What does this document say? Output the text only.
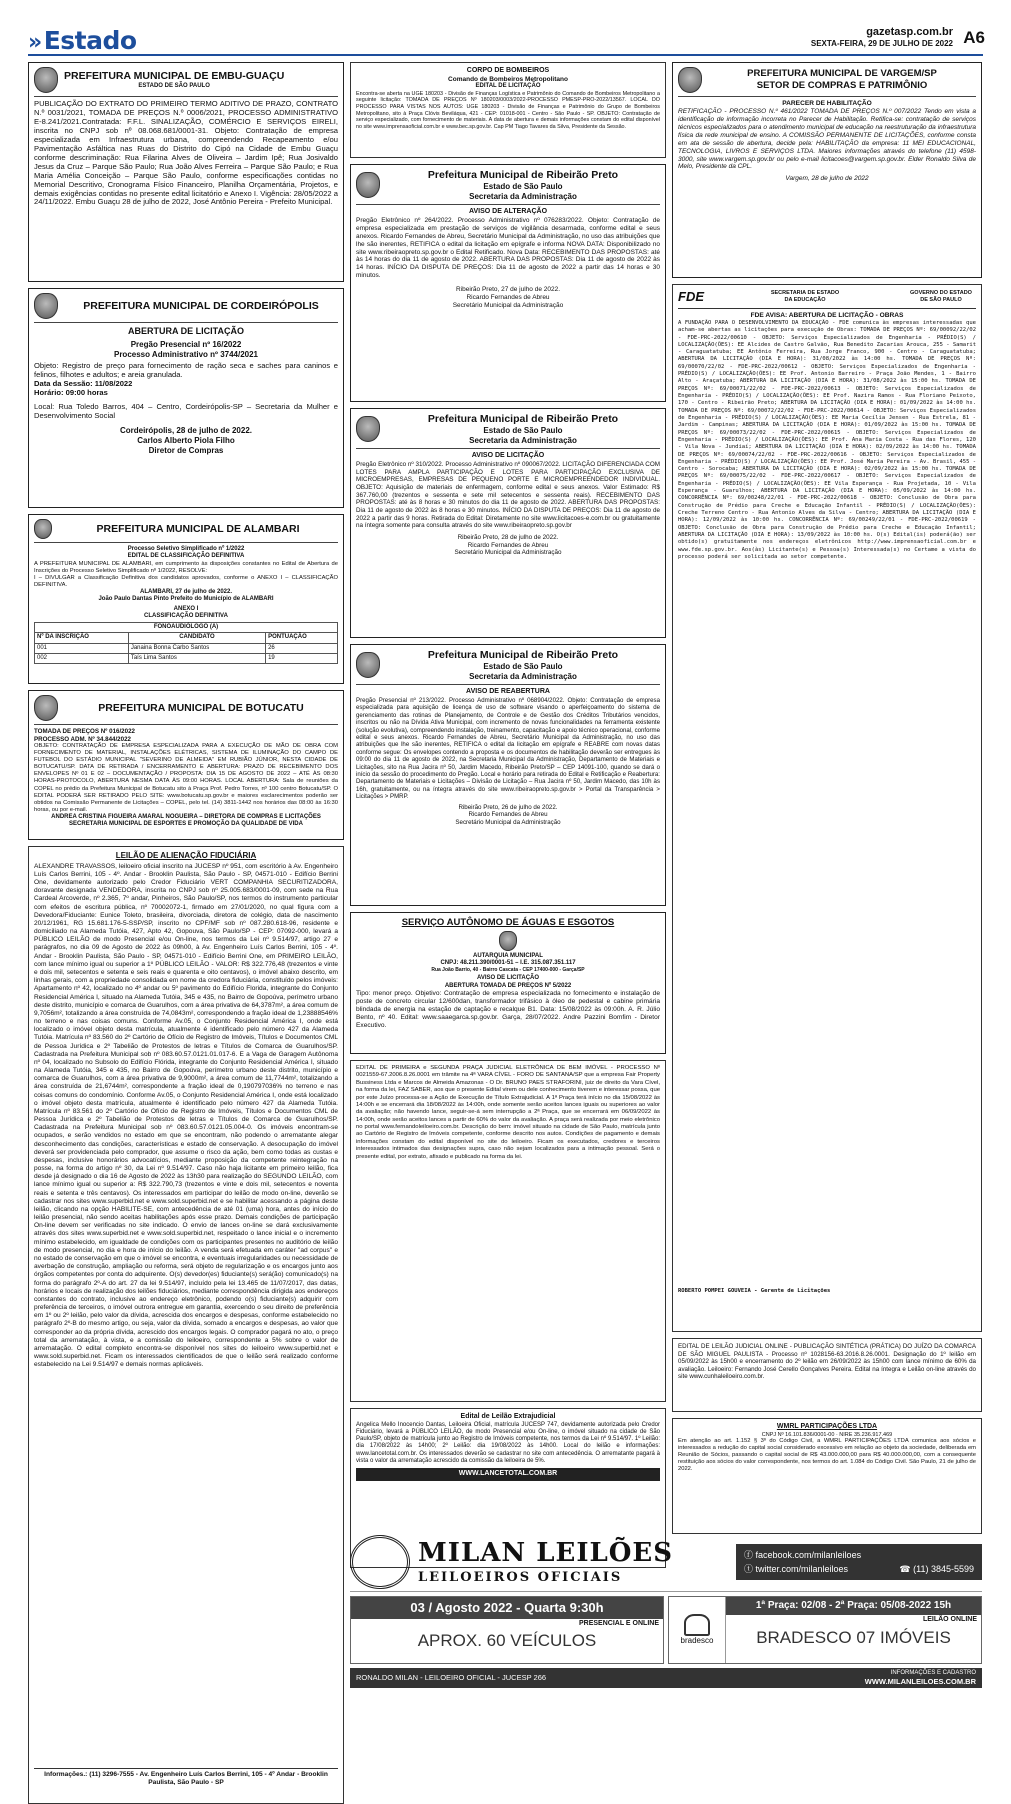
»Estado	gazetasp.com.br
SEXTA-FEIRA, 29 DE JULHO DE 2022 A6
PREFEITURA MUNICIPAL DE EMBU-GUAÇU
ESTADO DE SÃO PAULO
PUBLICAÇÃO DO EXTRATO DO PRIMEIRO TERMO ADITIVO DE PRAZO, CONTRATO N.º 0031/2021, TOMADA DE PREÇOS N.º 0006/2021, PROCESSO ADMINISTRATIVO E-8.241/2021.Contratada: F.F.L. SINALIZAÇÃO, COMÉRCIO E SERVIÇOS EIRELI, inscrita no CNPJ sob nº 08.068.681/0001-31. Objeto: Contratação de empresa especializada em Infraestrutura urbana, compreendendo Recapeamento e/ou Pavimentação Asfáltica nas Ruas do Distrito do Cipó na Cidade de Embu Guaçu conforme descriminação: Rua Filarina Alves de Oliveira – Jardim Ipê; Rua Josivaldo Jesus da Cruz – Parque São Paulo; Rua João Alves Ferreira – Parque São Paulo; e Rua Maria Amélia Conceição – Parque São Paulo, conforme especificações contidas no Memorial Descritivo, Cronograma Físico Financeiro, Planilha Orçamentária, Projetos, e demais exigências contidas no presente edital licitatório e Anexo I. Vigência: 28/05/2022 a 24/11/2022. Embu Guaçu 28 de julho de 2022, José Antônio Pereira - Prefeito Municipal.
PREFEITURA MUNICIPAL DE CORDEIRÓPOLIS
ABERTURA DE LICITAÇÃO
Pregão Presencial nº 16/2022
Processo Administrativo nº 3744/2021
Objeto: Registro de preço para fornecimento de ração seca e saches para caninos e felinos, filhotes e adultos; e areia granulada.
Data da Sessão: 11/08/2022
Horário: 09:00 horas
Local: Rua Toledo Barros, 404 – Centro, Cordeirópolis-SP – Secretaria da Mulher e Desenvolvimento Social
Cordeirópolis, 28 de julho de 2022.
Carlos Alberto Piola Filho
Diretor de Compras
PREFEITURA MUNICIPAL DE ALAMBARI
Processo Seletivo Simplificado nº 1/2022
EDITAL DE CLASSIFICAÇÃO DEFINITIVA
A PREFEITURA MUNICIPAL DE ALAMBARI, em cumprimento às disposições constantes no Edital de Abertura de Inscrições do Processo Seletivo Simplificado nº 1/2022, RESOLVE:
I – DIVULGAR a Classificação Definitiva dos candidatos aprovados, conforme o ANEXO I – CLASSIFICAÇÃO DEFINITIVA.
ALAMBARI, 27 de julho de 2022.
João Paulo Dantas Pinto Prefeito do Município de ALAMBARI
ANEXO I
CLASSIFICAÇÃO DEFINITIVA
FONOAUDIÓLOGO (A)		
Nº DA INSCRIÇÃO	CANDIDATO	PONTUAÇÃO
001	Janaina Bonna Carbo Santos	26
002	Taís Lima Santos	19
PREFEITURA MUNICIPAL DE BOTUCATU
TOMADA DE PREÇOS Nº 016/2022
PROCESSO ADM. Nº 34.844/2022
OBJETO: CONTRATAÇÃO DE EMPRESA ESPECIALIZADA PARA A EXECUÇÃO DE MÃO DE OBRA COM FORNECIMENTO DE MATERIAL, INSTALAÇÕES ELÉTRICAS, SISTEMA DE ILUMINAÇÃO DO CAMPO DE FUTEBOL DO ESTÁDIO MUNICIPAL "SEVERINO DE ALMEIDA" EM RUBIÃO JÚNIOR, NESTA CIDADE DE BOTUCATU/SP. DATA DE RETIRADA / ENCERRAMENTO E ABERTURA: PRAZO DE RECEBIMENTO DOS ENVELOPES Nº 01 E 02 – DOCUMENTAÇÃO / PROPOSTA: DIA 15 DE AGOSTO DE 2022 – ATÉ ÀS 08:30 HORAS-PROTOCOLO, ABERTURA NESMA DATA ÀS 09:00 HORAS. LOCAL ABERTURA: Sala de reuniões da COPEL no prédio da Prefeitura Municipal de Botucatu sito à Praça Prof. Pedro Torres, nº 100 centro Botucatu/SP. O EDITAL PODERÁ SER RETIRADO PELO SITE: www.botucatu.sp.gov.br e maiores esclarecimentos poderão ser obtidos na Comissão Permanente de Licitações – COPEL, pelo tel. (14) 3811-1442 nos horários das 08:00 às 16:30 horas, ou por e-mail.
ANDREA CRISTINA FIGUEIRA AMARAL NOGUEIRA – DIRETORA DE COMPRAS E LICITAÇÕES SECRETARIA MUNICIPAL DE ESPORTES E PROMOÇÃO DA QUALIDADE DE VIDA
LEILÃO DE ALIENAÇÃO FIDUCIÁRIA
ALEXANDRE TRAVASSOS, leiloeiro oficial inscrito na JUCESP nº 951, com escritório à Av. Engenheiro Luís Carlos Berrini, 105 - 4º. Andar - Brooklin Paulista, São Paulo - SP, 04571-010 - Edifício Berrini One, devidamente autorizado pelo Credor Fiduciário VERT COMPANHIA SECURITIZADORA, doravante designada VENDEDORA, inscrita no CNPJ sob nº 25.005.683/0001-09, com sede na Rua Cardeal Arcoverde, nº 2.365, 7º andar, Pinheiros, São Paulo/SP, nos termos do instrumento particular com efeitos de escritura pública, nº 70002072-1, firmado em 27/01/2020, no qual figura com a Devedora/Fiduciante: Eunice Toleto, brasileira, divorciada, diretora de colégio, data de nascimento 20/12/1961, RG 15.681.176-5-SSP/SP, inscrito no CPF/MF sob nº 087.280.618-96, residente e domiciliado na Alameda Tutóia, 427, Apto 42, Gopouva, São Paulo/SP - CEP: 07092-000, levará a PÚBLICO LEILÃO de modo Presencial e/ou On-line, nos termos da Lei nº 9.514/97, artigo 27 e parágrafos, no dia 09 de Agosto de 2022 às 09h00, à Av. Engenheiro Luís Carlos Berrini, 105 - 4º. Andar - Brooklin Paulista, São Paulo - SP, 04571-010 - Edifício Berrini One, em PRIMEIRO LEILÃO, com lance mínimo igual ou superior a 1º PÚBLICO LEILÃO - VALOR: R$ 322.776,48 (trezentos e vinte e dois mil, setecentos e setenta e seis reais e quarenta e oito centavos), o imóvel abaixo descrito, em linhas gerais, com a propriedade consolidada em nome da credora fiduciária, constituído pelos imóveis: Apartamento nº 42, localizado no 4º andar ou 5º pavimento do Edifício Florida, integrante do Conjunto Residencial América I, situado na Alameda Tutóia, 345 e 435, no Bairro de Gopoúva, perímetro urbano deste distrito, município e comarca de Guarulhos, com a área privativa de 64,3787m², a área comum de 9,7056m², totalizando a área construída de 74,0843m², correspondendo a fração ideal de 1,23888546% no terreno e nas coisas comuns. Conforme Av.05, o Conjunto Residencial América I, onde está localizado o imóvel objeto desta matrícula, atualmente é identificado pelo número 427 da Alameda Tutóia. Matrícula nº 83.560 do 2º Cartório de Ofício de Registro de Imóveis, Títulos e Documentos CML de Pessoa Jurídica e 2º Tabelião de Protestos de letras e Títulos de Comarca de Guarulhos/SP. Cadastrada na Prefeitura Municipal sob nº 083.60.57.0121.01.017-6. E a Vaga de Garagem Autônoma nº 04, localizado no Subsolo do Edifício Flórida, integrante do Conjunto Residencial América I, situado na Alameda Tutóia, 345 e 435, no Bairro de Gopoúva, perímetro urbano deste distrito, município e comarca de Guarulhos, com a área privativa de 9,9000m², a área comum de 11,7744m², totalizando a área construída de 21,6744m², correspondente a fração ideal de 0,190797036% no terreno e nas coisas comuns do condomínio. Conforme Av.05, o Conjunto Residencial América I, onde está localizado o imóvel objeto desta matrícula, atualmente é identificado pelo número 427 da Alameda Tutóia. Matrícula nº 83.561 do 2º Cartório de Ofício de Registro de Imóveis, Títulos e Documentos CML de Pessoa Jurídica e 2º Tabelião de Protestos de letras e Títulos de Comarca de Guarulhos/SP. Cadastrada na Prefeitura Municipal sob nº 083.60.57.0121.05.004-0. Os imóveis encontram-se ocupados, e serão vendidos no estado em que se encontram, não podendo o arrematante alegar desconhecimento das condições, características e estado de conservação. A desocupação do imóvel deverá ser providenciada pelo comprador, que assume o risco da ação, bem como todas as custas e despesas, inclusive honorários advocatícios, mediante proposição da competente reintegração na posse, na forma do artigo nº 30, da Lei nº 9.514/97. Caso não haja licitante em primeiro leilão, fica desde já designado o dia 16 de Agosto de 2022 às 13h30 para realização do SEGUNDO LEILÃO, com lance mínimo igual ou superior a: R$ 322.790,73 (trezentos e vinte e dois mil, setecentos e noventa reais e setenta e três centavos). Os interessados em participar do leilão de modo on-line, deverão se cadastrar nos sites www.superbid.net e www.sold.superbid.net e se habilitar acessando a página deste leilão, clicando na opção HABILITE-SE, com antecedência de até 01 (uma) hora, antes do início do leilão presencial, não sendo aceitas habilitações após esse prazo. Demais condições de participação On-line devem ser verificadas no site indicado. O envio de lances on-line se dará exclusivamente através dos sites www.superbid.net e www.sold.superbid.net, respeitado o lance inicial e o incremento mínimo estabelecido, em igualdade de condições com os participantes presentes no auditório de leilão de modo presencial, no dia e hora de início do leilão. A venda será efetuada em caráter "ad corpus" e no estado de conservação em que o imóvel se encontra, e eventuais irregularidades ou necessidade de averbação de construção, ampliação ou reforma, será objeto de regularização e os encargos junto aos órgãos competentes por conta do adquirente. O(s) devedor(es) fiduciante(s) será(ão) comunicado(s) na forma do parágrafo 2º-A do art. 27 da lei 9.514/97, incluído pela lei 13.465 de 11/07/2017, das datas, horários e locais de realização dos leilões fiduciários, mediante correspondência dirigida aos endereços constantes do contrato, inclusive ao endereço eletrônico, podendo o(s) fiduciante(s) adquirir com preferência de terceiros, o imóvel outrora entregue em garantia, exercendo o seu direito de preferência em 1º ou 2º leilão, pelo valor da dívida, acrescida dos encargos e despesas, conforme estabelecido no parágrafo 2º-B do mesmo artigo, ou seja, valor da dívida, somado a encargos e despesas, ao valor que corresponder ao da própria dívida, acrescido dos encargos legais. O comprador pagará no ato, o preço total da arrematação, à vista, e a comissão do leiloeiro, correspondente a 5% sobre o valor de arrematação. O edital completo encontra-se disponível nos sites do leiloeiro www.superbid.net e www.sold.superbid.net. Ficam os interessados cientificados de que o leilão será realizado conforme estabelecido na Lei 9.514/97 e demais normas aplicáveis.
Informações.: (11) 3296-7555 - Av. Engenheiro Luís Carlos Berrini, 105 - 4º Andar - Brooklin Paulista, São Paulo - SP
CORPO DE BOMBEIROS
Comando de Bombeiros Metropolitano
EDITAL DE LICITAÇÃO
Encontra-se aberta na UGE 180203 - Divisão de Finanças Logística e Patrimônio do Comando de Bombeiros Metropolitano a seguinte licitação: TOMADA DE PREÇOS Nº 180203/0003/2022-PROCESSO PMESP-PRO-2022/13567. LOCAL DO PROCESSO PARA VISTAS NOS AUTOS: UGE 180203 - Divisão de Finanças e Patrimônio do Grupo de Bombeiros Metropolitano, sito à Praça Clóvis Beviláqua, 421 - CEP: 01018-001 - Centro - São Paulo - SP. OBJETO: Contratação de serviço especializado, com fornecimento de materiais. A data de abertura e demais informações constam do edital disponível no site www.imprensaoficial.com.br e www.bec.sp.gov.br. Cap PM Tiago Tavares da Silva, Presidente da Sessão.
Prefeitura Municipal de Ribeirão Preto
Estado de São Paulo
Secretaria da Administração
AVISO DE ALTERAÇÃO
Pregão Eletrônico nº 264/2022. Processo Administrativo nº 076283/2022. Objeto: Contratação de empresa especializada em prestação de serviços de vigilância desarmada, conforme edital e seus anexos. Ricardo Fernandes de Abreu, Secretário Municipal da Administração, no uso das atribuições que lhe são inerentes, RETIFICA o edital da licitação em epígrafe e informa NOVA DATA: Disponibilizado no site www.ribeiraopreto.sp.gov.br o Edital Retificado. Nova Data: RECEBIMENTO DAS PROPOSTAS: até às 14 horas do dia 11 de agosto de 2022. ABERTURA DAS PROPOSTAS: Dia 11 de agosto de 2022 às 14 horas. INÍCIO DA DISPUTA DE PREÇOS: Dia 11 de agosto de 2022 a partir das 14 horas e 30 minutos.
Ribeirão Preto, 27 de julho de 2022.
Ricardo Fernandes de Abreu
Secretário Municipal da Administração
Prefeitura Municipal de Ribeirão Preto
Estado de São Paulo
Secretaria da Administração
AVISO DE LICITAÇÃO
Pregão Eletrônico nº 310/2022. Processo Administrativo nº 090067/2022. LICITAÇÃO DIFERENCIADA COM LOTES PARA AMPLA PARTICIPAÇÃO E LOTES PARA PARTICIPAÇÃO EXCLUSIVA DE MICROEMPRESAS, EMPRESAS DE PEQUENO PORTE E MICROEMPREENDEDOR INDIVIDUAL. OBJETO: Aquisição de materiais de enfermagem, conforme edital e seus anexos. Valor Estimado: R$ 367.760,00 (trezentos e sessenta e sete mil setecentos e sessenta reais). RECEBIMENTO DAS PROPOSTAS: até às 8 horas e 30 minutos do dia 11 de agosto de 2022. ABERTURA DAS PROPOSTAS: Dia 11 de agosto de 2022 às 8 horas e 30 minutos. INÍCIO DA DISPUTA DE PREÇOS: Dia 11 de agosto de 2022 a partir das 9 horas. Retirada do Edital: Diretamente no site www.licitacoes-e.com.br ou gratuitamente na íntegra somente para consulta através do site www.ribeiraopreto.sp.gov.br
Ribeirão Preto, 28 de julho de 2022.
Ricardo Fernandes de Abreu
Secretário Municipal da Administração
Prefeitura Municipal de Ribeirão Preto
Estado de São Paulo
Secretaria da Administração
AVISO DE REABERTURA
Pregão Presencial nº 213/2022. Processo Administrativo nº 068904/2022. Objeto: Contratação de empresa especializada para aquisição de licença de uso de software visando o aperfeiçoamento do sistema de gerenciamento das rotinas de Planejamento, de Controle e de Gestão dos Créditos Tributários vencidos, inscritos ou não na Dívida Ativa Municipal, com incremento de novas funcionalidades na ferramenta existente (solução evolutiva), compreendendo instalação, treinamento, capacitação e apoio técnico operacional, conforme edital e seus anexos. Ricardo Fernandes de Abreu, Secretário Municipal da Administração, no uso das atribuições que lhe são inerentes, RETIFICA o edital da licitação em epígrafe e REABRE com novas datas conforme segue: Os envelopes contendo a proposta e os documentos de habilitação deverão ser entregues às 09:00 do dia 11 de agosto de 2022, na Secretaria Municipal da Administração, Departamento de Materiais e Licitações, sito na Rua Jacira nº 50, Jardim Macedo, Ribeirão Preto/SP – CEP 14091-100, quando se dará o início da sessão do procedimento do Pregão. Local e horário para retirada do Edital e Retificação e Reabertura: Departamento de Materiais e Licitações – Divisão de Licitação – Rua Jacira nº 50, Jardim Macedo, das 10h às 16h, gratuitamente, ou na íntegra através do site www.ribeiraopreto.sp.gov.br > Portal da Transparência > Licitações > PMRP.
Ribeirão Preto, 26 de julho de 2022.
Ricardo Fernandes de Abreu
Secretário Municipal da Administração
SERVIÇO AUTÔNOMO DE ÁGUAS E ESGOTOS
AUTARQUIA MUNICIPAL
CNPJ: 48.211.390/0001-51 – I.E. 315.087.351.117
Rua João Barrio, 40 - Bairro Cascata - CEP 17400-000 - Garça/SP
AVISO DE LICITAÇÃO
ABERTURA TOMADA DE PREÇOS Nº 5/2022
Tipo: menor preço. Objetivo: Contratação de empresa especializada no fornecimento e instalação de poste de concreto circular 12/600dan, transformador trifásico à óleo de pedestal e cabine primária blindada de energia na estação de captação e recalque B1. Data: 15/08/2022 às 09:00h. A. R. Júlio Bento, nº 40. Edital: www.saaegarca.sp.gov.br. Garça, 28/07/2022. Andre Pazzini Bomfim - Diretor Executivo.
EDITAL DE PRIMEIRA e SEGUNDA PRAÇA JUDICIAL ELETRÔNICA DE BEM IMÓVEL - PROCESSO Nº 0021559-67.2006.8.26.0001 em trâmite na 4ª VARA CÍVEL - FORO DE SANTANA/SP que a empresa Fair Property Bussiness Ltda e Marcos de Almeida Amazonas - O Dr. BRUNO PAES STRAFORINI, juiz de direito da Vara Cível, na forma da lei, FAZ SABER, aos que o presente Edital virem ou dele conhecimento tiverem e interessar possa, que por este Juízo processa-se a Ação de Execução de Título Extrajudicial. A 1ª Praça terá início no dia 15/08/2022 às 14:00h e se encerrará dia 18/08/2022 às 14:00h, onde somente serão aceitos lances iguais ou superiores ao valor da avaliação; não havendo lance, seguir-se-á sem interrupção a 2ª Praça, que se encerrará em 06/09/2022 às 14:00h, onde serão aceitos lances a partir de 60% do valor da avaliação. A praça será realizada por meio eletrônico no portal www.fernandoleiloeiro.com.br. Descrição do bem: imóvel situado na cidade de São Paulo, matrícula junto ao Cartório de Registro de Imóveis competente, conforme descrito nos autos. Condições de pagamento e demais informações constam do edital disponível no site do leiloeiro. Ficam os executados, credores e terceiros interessados intimados das designações supra, caso não sejam localizados para a intimação pessoal. Será o presente edital, por extrato, afixado e publicado na forma da lei.
Edital de Leilão Extrajudicial
Angelica Mello Inocencio Dantas, Leiloeira Oficial, matrícula JUCESP 747, devidamente autorizada pelo Credor Fiduciário, levará a PÚBLICO LEILÃO, de modo Presencial e/ou On-line, o imóvel situado na cidade de São Paulo/SP, objeto de matrícula junto ao Registro de Imóveis competente, nos termos da Lei nº 9.514/97. 1º Leilão: dia 17/08/2022 às 14h00; 2º Leilão: dia 19/08/2022 às 14h00. Local do leilão e informações: www.lancetotal.com.br. Os interessados deverão se cadastrar no site com antecedência. O arrematante pagará à vista o valor da arrematação acrescido da comissão da leiloeira de 5%.
WWW.LANCETOTAL.COM.BR
PREFEITURA MUNICIPAL DE VARGEM/SP
SETOR DE COMPRAS E PATRIMÔNIO
PARECER DE HABILITAÇÃO
RETIFICAÇÃO - PROCESSO N.º 461/2022 TOMADA DE PREÇOS N.º 007/2022 Tendo em vista a identificação de informação incorreta no Parecer de Habilitação. Retifica-se: contratação de serviços técnicos especializados para o atendimento municipal de educação na reestruturação da infraestrutura física da rede municipal de ensino. A COMISSÃO PERMANENTE DE LICITAÇÕES, conforme consta em ata de sessão de abertura, decide pela: HABILITAÇÃO da empresa: 11 MEI EDUCACIONAL, TECNOLOGIA, LIVROS E SERVIÇOS LTDA. Maiores informações através do telefone (11) 4598-3000, site www.vargem.sp.gov.br ou pelo e-mail licitacoes@vargem.sp.gov.br. Elder Ronaldo Silva de Melo, Presidente da CPL.
Vargem, 28 de julho de 2022
FDE	SECRETARIA DE ESTADO DA EDUCAÇÃO
GOVERNO DO ESTADO DE SÃO PAULO
FDE AVISA: ABERTURA DE LICITAÇÃO - OBRAS
A FUNDAÇÃO PARA O DESENVOLVIMENTO DA EDUCAÇÃO - FDE comunica às empresas interessadas que acham-se abertas as licitações para execução de Obras: TOMADA DE PREÇOS Nº: 69/00092/22/02 - FDE-PRC-2022/00610 - OBJETO: Serviços Especializados de Engenharia - PRÉDIO(S) / LOCALIZAÇÃO(ÕES): EE Alcides de Castro Galvão, Rua Benedito Zacarias Arouca, 255 - Samarit - Caraguatatuba; EE Antônio Ferreira, Rua Jorge Franco, 900 - Centro - Caraguatatuba; ABERTURA DA LICITAÇÃO (DIA E HORA): 31/08/2022 às 14:00 hs. TOMADA DE PREÇOS Nº: 69/00070/22/02 - FDE-PRC-2022/00612 - OBJETO: Serviços Especializados de Engenharia - PRÉDIO(S) / LOCALIZAÇÃO(ÕES): EE Prof. Antonio Barreiro - Praça João Mendes, 1 - Bairro Alto - Araçatuba; ABERTURA DA LICITAÇÃO (DIA E HORA): 31/08/2022 às 15:00 hs. TOMADA DE PREÇOS Nº: 69/00071/22/02 - FDE-PRC-2022/00613 - OBJETO: Serviços Especializados de Engenharia - PRÉDIO(S) / LOCALIZAÇÃO(ÕES): EE Prof. Nazira Ramos - Rua Floriano Peixoto, 170 - Centro - Ribeirão Preto; ABERTURA DA LICITAÇÃO (DIA E HORA): 01/09/2022 às 14:00 hs. TOMADA DE PREÇOS Nº: 69/00072/22/02 - FDE-PRC-2022/00614 - OBJETO: Serviços Especializados de Engenharia - PRÉDIO(S) / LOCALIZAÇÃO(ÕES): EE Maria Cecília Jensen - Rua Estrela, 81 - Jardim - Campinas; ABERTURA DA LICITAÇÃO (DIA E HORA): 01/09/2022 às 15:00 hs. TOMADA DE PREÇOS Nº: 69/00073/22/02 - FDE-PRC-2022/00615 - OBJETO: Serviços Especializados de Engenharia - PRÉDIO(S) / LOCALIZAÇÃO(ÕES): EE Prof. Ana Maria Costa - Rua das Flores, 120 - Vila Nova - Jundiaí; ABERTURA DA LICITAÇÃO (DIA E HORA): 02/09/2022 às 14:00 hs. TOMADA DE PREÇOS Nº: 69/00074/22/02 - FDE-PRC-2022/00616 - OBJETO: Serviços Especializados de Engenharia - PRÉDIO(S) / LOCALIZAÇÃO(ÕES): EE Prof. José Maria Pereira - Av. Brasil, 455 - Centro - Sorocaba; ABERTURA DA LICITAÇÃO (DIA E HORA): 02/09/2022 às 15:00 hs. TOMADA DE PREÇOS Nº: 69/00075/22/02 - FDE-PRC-2022/00617 - OBJETO: Serviços Especializados de Engenharia - PRÉDIO(S) / LOCALIZAÇÃO(ÕES): EE Vila Esperança - Rua Projetada, 10 - Vila Esperança - Guarulhos; ABERTURA DA LICITAÇÃO (DIA E HORA): 05/09/2022 às 14:00 hs. CONCORRÊNCIA Nº: 69/00248/22/01 - FDE-PRC-2022/00618 - OBJETO: Conclusão de Obra para Construção de Prédio para Creche e Educação Infantil - PRÉDIO(S) / LOCALIZAÇÃO(ÕES): Creche Terreno Centro - Rua Antonio Alves da Silva - Centro; ABERTURA DA LICITAÇÃO (DIA E HORA): 12/09/2022 às 10:00 hs. CONCORRÊNCIA Nº: 69/00249/22/01 - FDE-PRC-2022/00619 - OBJETO: Conclusão de Obra para Construção de Prédio para Creche e Educação Infantil; ABERTURA DA LICITAÇÃO (DIA E HORA): 13/09/2022 às 10:00 hs. O(s) Edital(is) poderá(ão) ser obtido(s) gratuitamente nos endereços eletrônicos http://www.imprensaoficial.com.br e www.fde.sp.gov.br. Aos(às) Licitante(s) e Pessoa(s) Interessada(s) no Certame a vista do processo poderá ser solicitada ao setor competente.
ROBERTO POMPEI GOUVEIA - Gerente de Licitações
EDITAL DE LEILÃO JUDICIAL ONLINE - PUBLICAÇÃO SINTÉTICA (PRÁTICA) DO JUÍZO DA COMARCA DE SÃO MIGUEL PAULISTA - Processo nº 1028156-63.2016.8.26.0001. Designação do 1º leilão em 05/09/2022 às 15h00 e encerramento do 2º leilão em 26/09/2022 às 15h00 com lance mínimo de 60% da avaliação. Leiloeiro: Fernando José Cerello Gonçalves Pereira. Edital na íntegra e Leilão on-line através do site www.cunhaleiloeiro.com.br.
WMRL PARTICIPAÇÕES LTDA
CNPJ Nº 16.101.836/0001-00 · NIRE 35.236.917.469
Em atenção ao art. 1.152 § 3º do Código Civil, a WMRL PARTICIPAÇÕES LTDA comunica aos sócios e interessados a redução do capital social considerado excessivo em relação ao objeto da sociedade, deliberada em Reunião de Sócios, passando o capital social de R$ 43.000.000,00 para R$ 40.000.000,00, com a consequente restituição aos sócios do valor correspondente, nos termos do art. 1.084 do Código Civil. São Paulo, 21 de julho de 2022.
MILAN LEILÕES
LEILOEIROS OFICIAIS
ⓕ facebook.com/milanleiloes
ⓣ twitter.com/milanleiloes	☎ (11) 3845-5599
03 / Agosto 2022 - Quarta 9:30h
PRESENCIAL E ONLINE
APROX. 60 VEÍCULOS	bradesco
1ª Praça: 02/08 - 2ª Praça: 05/08-2022 15h
LEILÃO ONLINE
BRADESCO 07 IMÓVEIS
RONALDO MILAN - LEILOEIRO OFICIAL - JUCESP 266
INFORMAÇÕES E CADASTRO
WWW.MILANLEILOES.COM.BR
